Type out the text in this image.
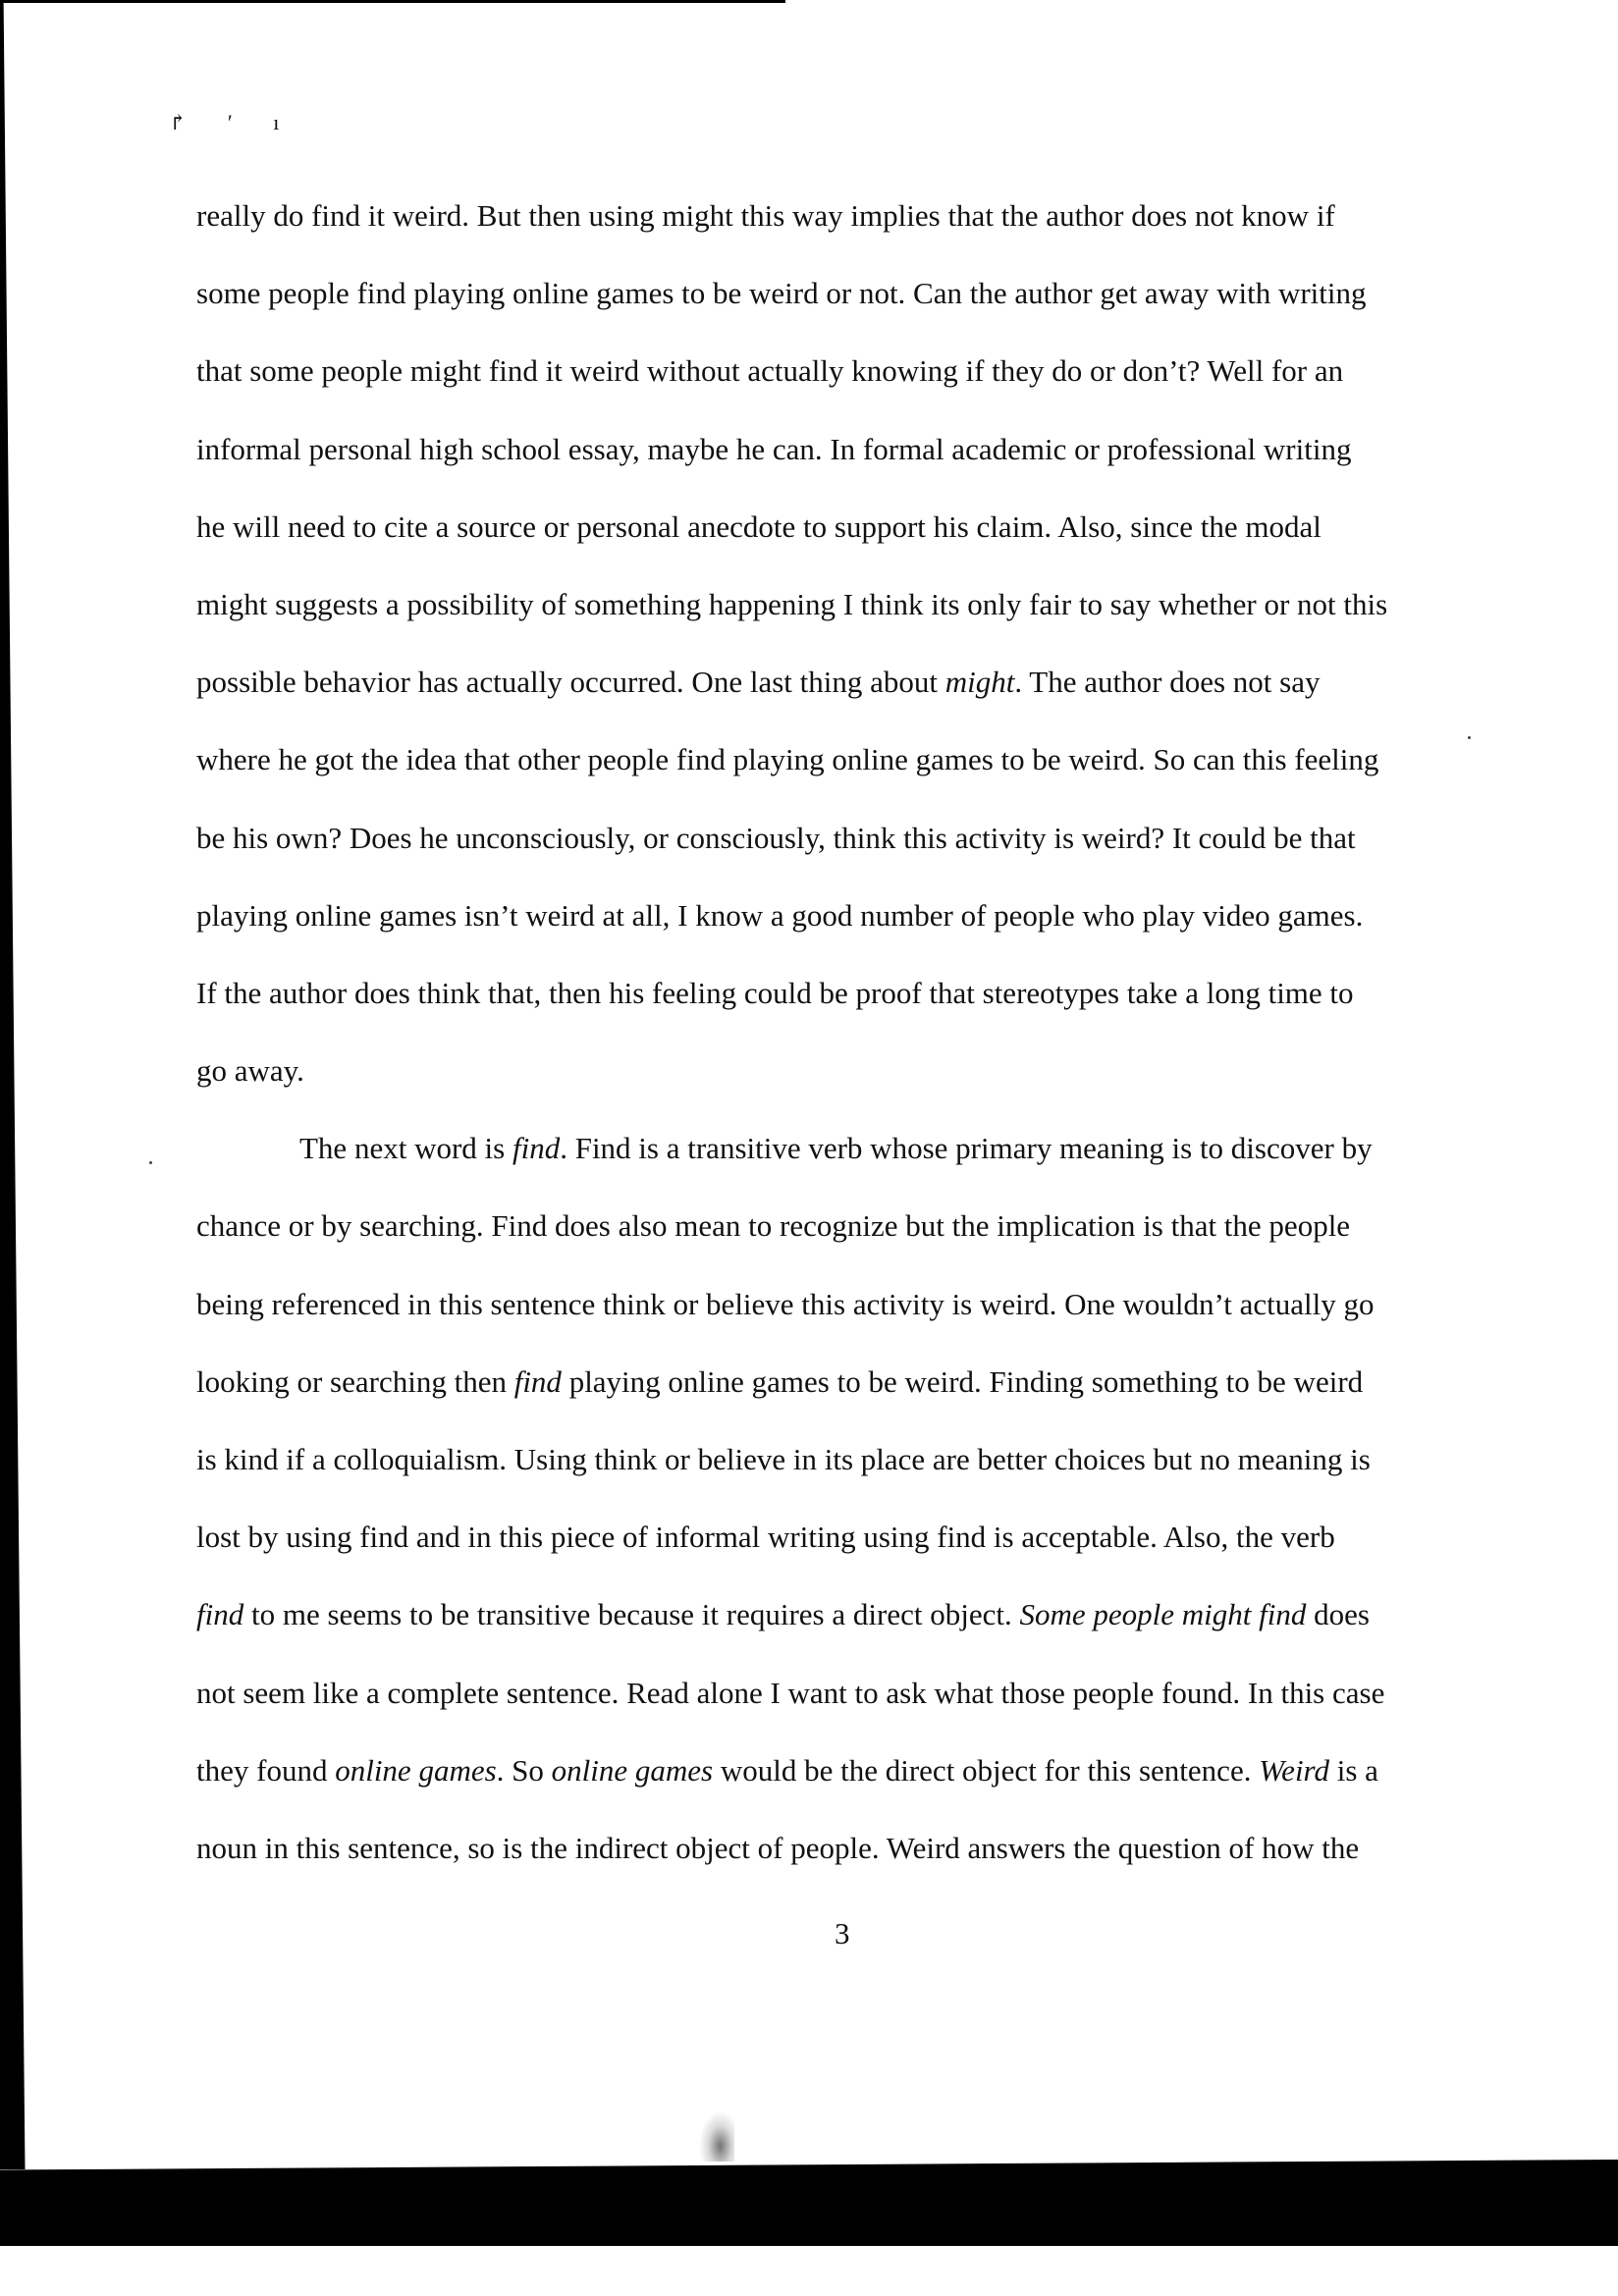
↱ ′ ı
really do find it weird. But then using might this way implies that the author does not know if
some people find playing online games to be weird or not. Can the author get away with writing
that some people might find it weird without actually knowing if they do or don’t? Well for an
informal personal high school essay, maybe he can. In formal academic or professional writing
he will need to cite a source or personal anecdote to support his claim. Also, since the modal
might suggests a possibility of something happening I think its only fair to say whether or not this
possible behavior has actually occurred. One last thing about might. The author does not say
where he got the idea that other people find playing online games to be weird. So can this feeling
be his own? Does he unconsciously, or consciously, think this activity is weird? It could be that
playing online games isn’t weird at all, I know a good number of people who play video games.
If the author does think that, then his feeling could be proof that stereotypes take a long time to
go away.
The next word is find. Find is a transitive verb whose primary meaning is to discover by
chance or by searching. Find does also mean to recognize but the implication is that the people
being referenced in this sentence think or believe this activity is weird. One wouldn’t actually go
looking or searching then find playing online games to be weird. Finding something to be weird
is kind if a colloquialism. Using think or believe in its place are better choices but no meaning is
lost by using find and in this piece of informal writing using find is acceptable. Also, the verb
find to me seems to be transitive because it requires a direct object. Some people might find does
not seem like a complete sentence. Read alone I want to ask what those people found. In this case
they found online games. So online games would be the direct object for this sentence. Weird is a
noun in this sentence, so is the indirect object of people. Weird answers the question of how the
3
